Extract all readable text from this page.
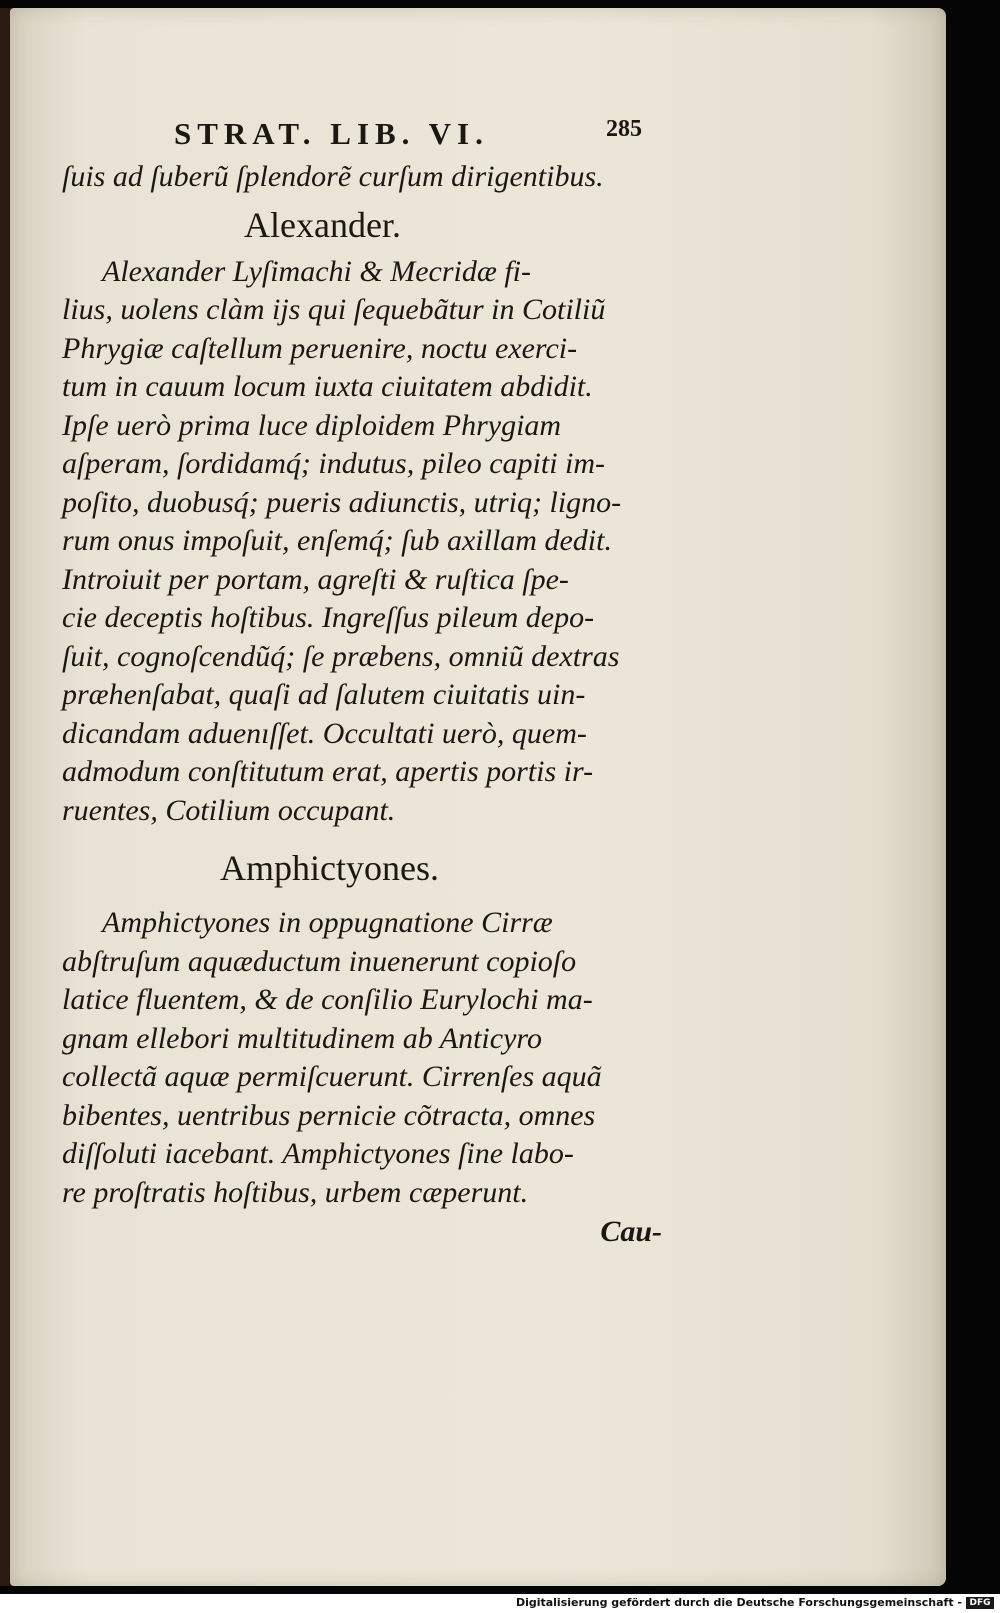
STRAT. LIB. VI.	285
ſuis ad ſuberũ ſplendorẽ curſum dirigentibus.
Alexander.
Alexander Lyſimachi & Mecridæ fi-
lius, uolens clàm ijs qui ſequebãtur in Cotiliũ
Phrygiæ caſtellum peruenire, noctu exerci-
tum in cauum locum iuxta ciuitatem abdidit.
Ipſe uerò prima luce diploidem Phrygiam
aſperam, ſordidamq́; indutus, pileo capiti im-
poſito, duobusq́; pueris adiunctis, utriq; ligno-
rum onus impoſuit, enſemq́; ſub axillam dedit.
Introiuit per portam, agreſti & ruſtica ſpe-
cie deceptis hoſtibus. Ingreſſus pileum depo-
ſuit, cognoſcendũq́; ſe præbens, omniũ dextras
præhenſabat, quaſi ad ſalutem ciuitatis uin-
dicandam aduenıſſet. Occultati uerò, quem-
admodum conſtitutum erat, apertis portis ir-
ruentes, Cotilium occupant.
Amphictyones.
Amphictyones in oppugnatione Cirræ
abſtruſum aquæductum inuenerunt copioſo
latice fluentem, & de conſilio Eurylochi ma-
gnam ellebori multitudinem ab Anticyro
collectã aquæ permiſcuerunt. Cirrenſes aquã
bibentes, uentribus pernicie cõtracta, omnes
diſſoluti iacebant. Amphictyones ſine labo-
re proſtratis hoſtibus, urbem cæperunt.
Cau-
Digitalisierung gefördert durch die Deutsche Forschungsgemeinschaft - DFG
